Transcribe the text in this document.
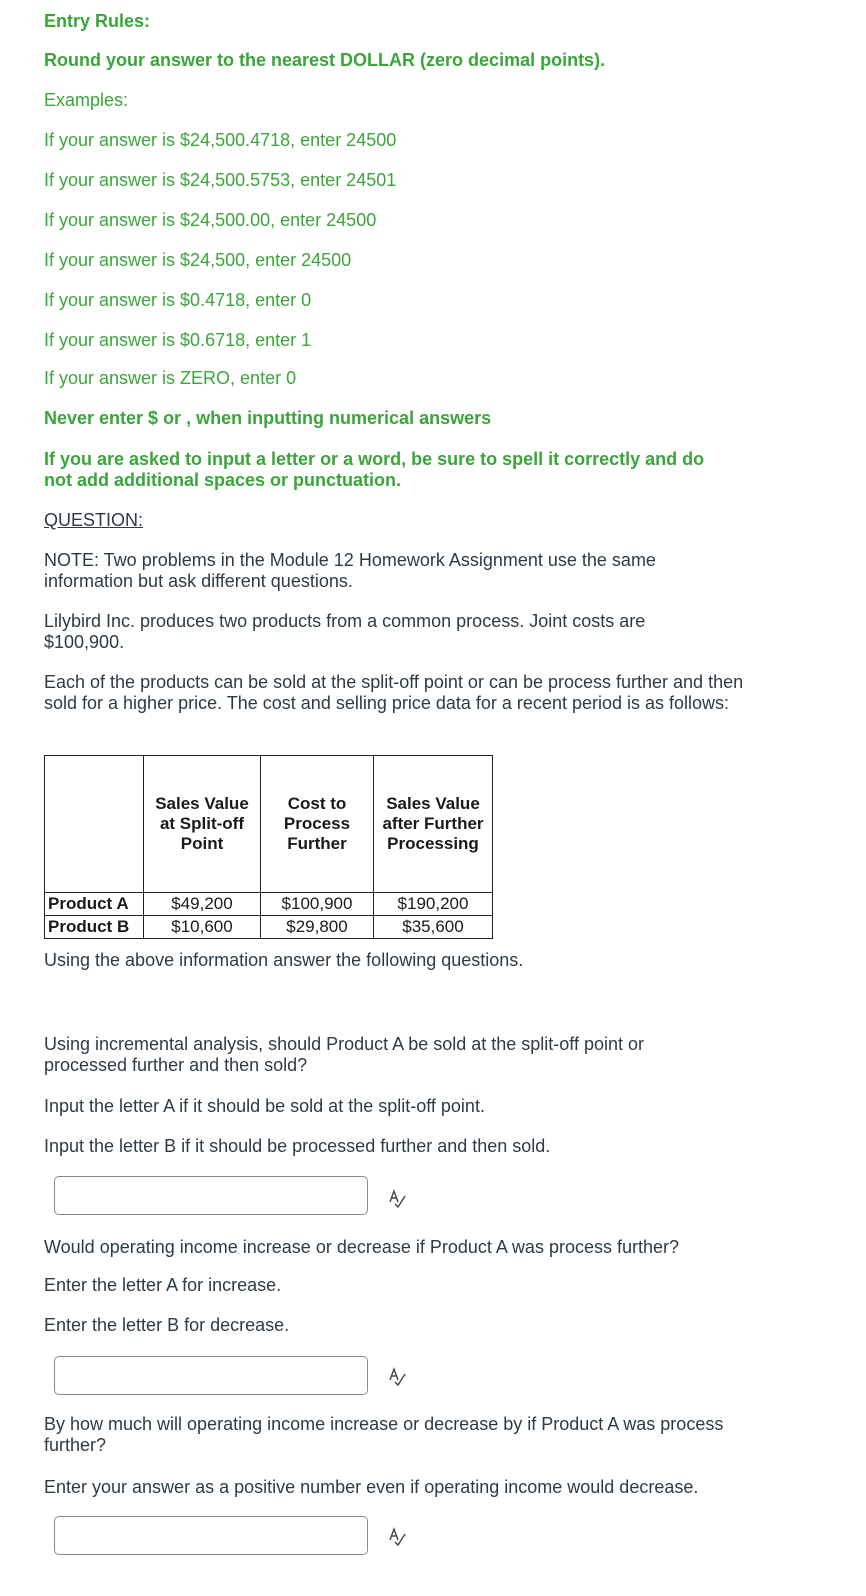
Entry Rules:
Round your answer to the nearest DOLLAR (zero decimal points).
Examples:
If your answer is $24,500.4718, enter 24500
If your answer is $24,500.5753, enter 24501
If your answer is $24,500.00, enter 24500
If your answer is $24,500, enter 24500
If your answer is $0.4718, enter 0
If your answer is $0.6718, enter 1
If your answer is ZERO, enter 0
Never enter $ or , when inputting numerical answers
If you are asked to input a letter or a word, be sure to spell it correctly and do not add additional spaces or punctuation.
QUESTION:
NOTE: Two problems in the Module 12 Homework Assignment use the same information but ask different questions.
Lilybird Inc. produces two products from a common process. Joint costs are $100,900.
Each of the products can be sold at the split-off point or can be process further and then sold for a higher price. The cost and selling price data for a recent period is as follows:
	Sales Value at Split-off Point	Cost to Process Further	Sales Value after Further Processing
Product A	$49,200	$100,900	$190,200
Product B	$10,600	$29,800	$35,600
Using the above information answer the following questions.
Using incremental analysis, should Product A be sold at the split-off point or processed further and then sold?
Input the letter A if it should be sold at the split-off point.
Input the letter B if it should be processed further and then sold.
Would operating income increase or decrease if Product A was process further?
Enter the letter A for increase.
Enter the letter B for decrease.
By how much will operating income increase or decrease by if Product A was process further?
Enter your answer as a positive number even if operating income would decrease.
